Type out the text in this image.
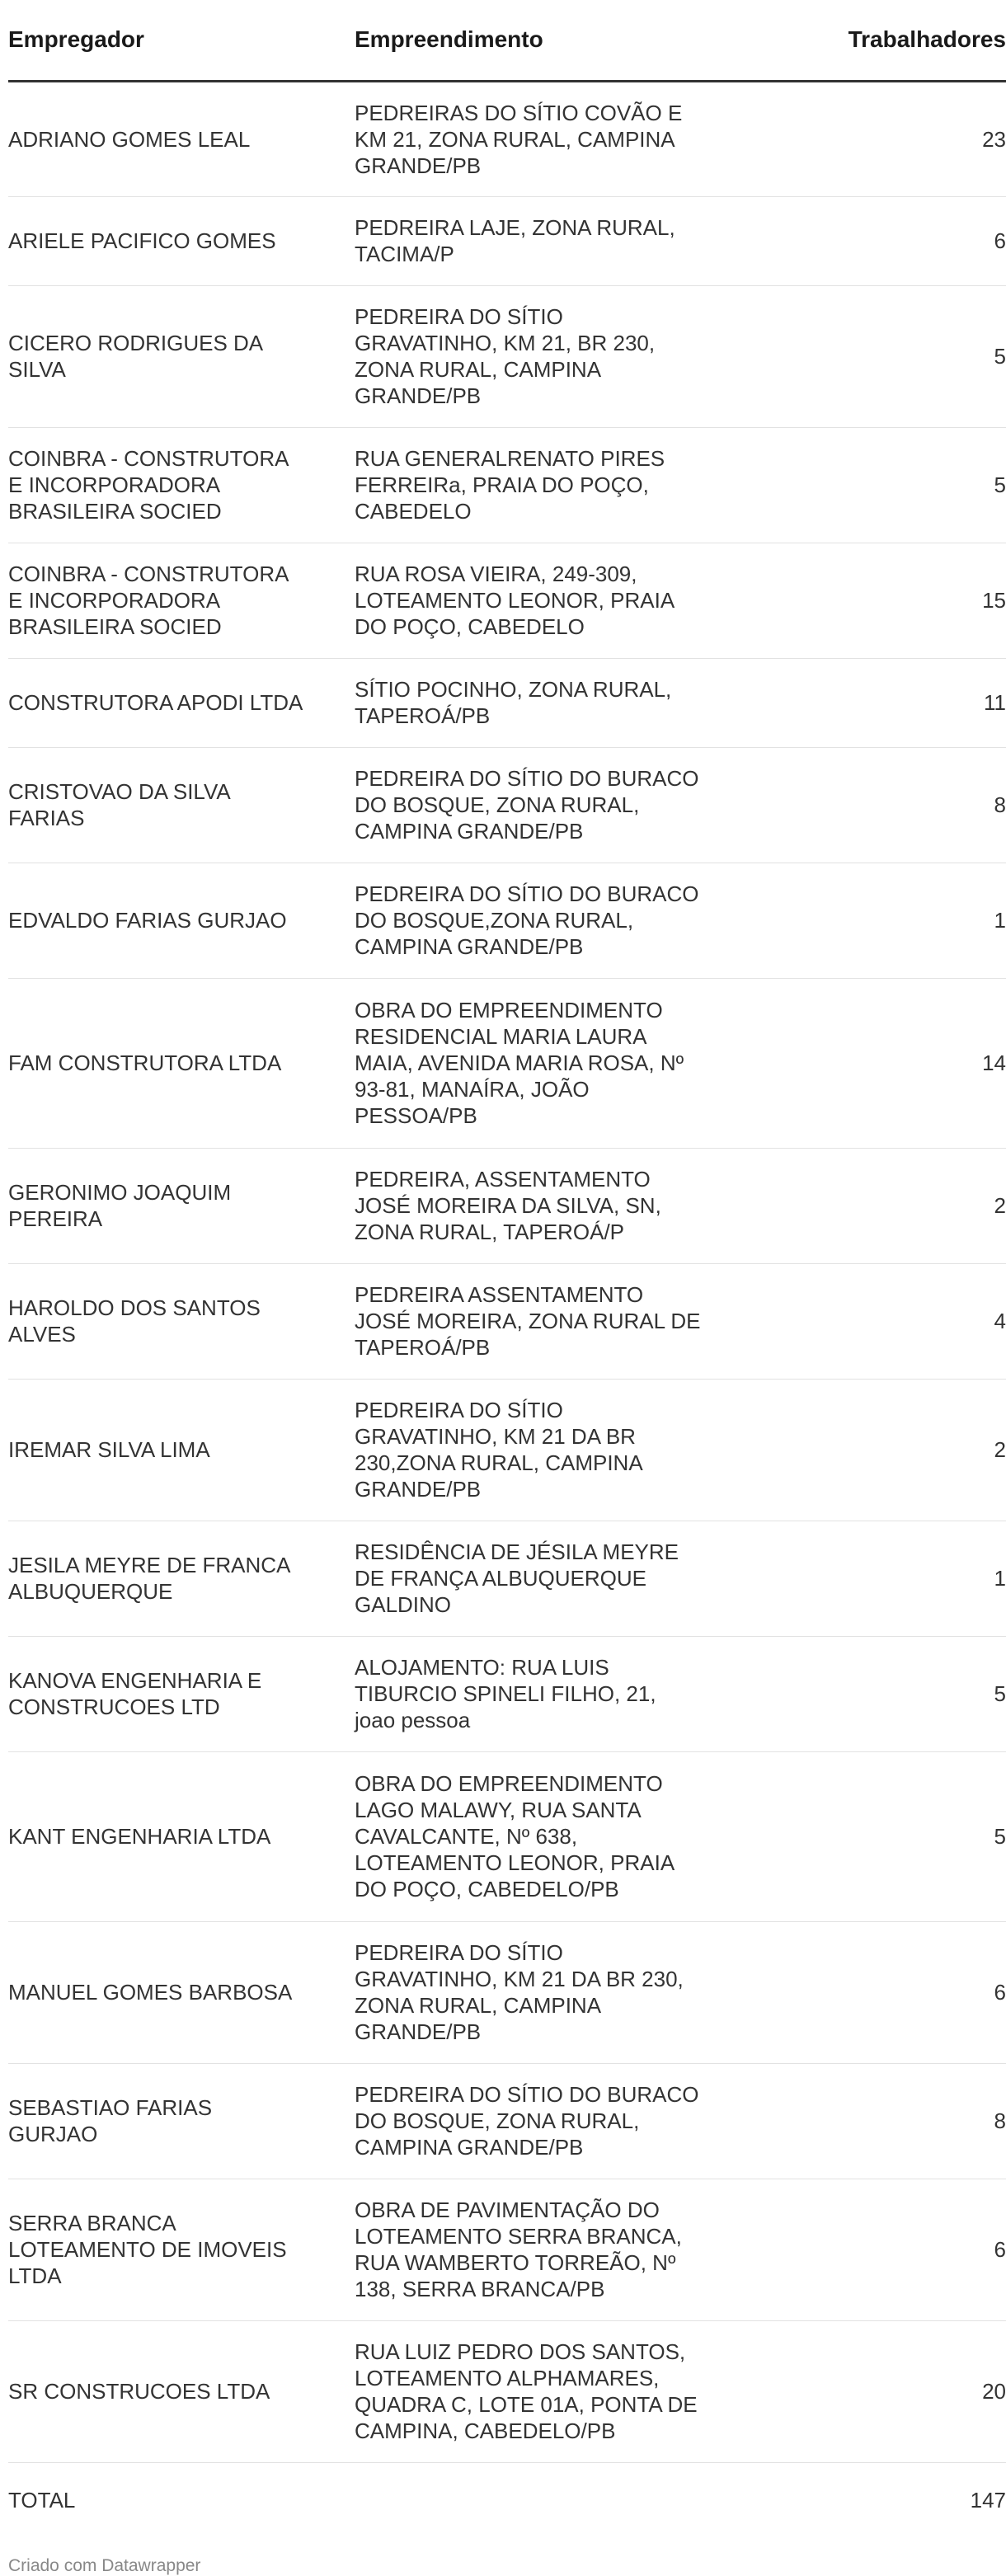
Empregador	Empreendimento	Trabalhadores
ADRIANO GOMES LEAL	PEDREIRAS DO SÍTIO COVÃO E KM 21, ZONA RURAL, CAMPINA GRANDE/PB	23
ARIELE PACIFICO GOMES	PEDREIRA LAJE, ZONA RURAL, TACIMA/P	6
CICERO RODRIGUES DA SILVA	PEDREIRA DO SÍTIO GRAVATINHO, KM 21, BR 230, ZONA RURAL, CAMPINA GRANDE/PB	5
COINBRA - CONSTRUTORA E INCORPORADORA BRASILEIRA SOCIED	RUA GENERALRENATO PIRES FERREIRa, PRAIA DO POÇO, CABEDELO	5
COINBRA - CONSTRUTORA E INCORPORADORA BRASILEIRA SOCIED	RUA ROSA VIEIRA, 249-309, LOTEAMENTO LEONOR, PRAIA DO POÇO, CABEDELO	15
CONSTRUTORA APODI LTDA	SÍTIO POCINHO, ZONA RURAL, TAPEROÁ/PB	11
CRISTOVAO DA SILVA FARIAS	PEDREIRA DO SÍTIO DO BURACO DO BOSQUE, ZONA RURAL, CAMPINA GRANDE/PB	8
EDVALDO FARIAS GURJAO	PEDREIRA DO SÍTIO DO BURACO DO BOSQUE,ZONA RURAL, CAMPINA GRANDE/PB	1
FAM CONSTRUTORA LTDA	OBRA DO EMPREENDIMENTO RESIDENCIAL MARIA LAURA MAIA, AVENIDA MARIA ROSA, Nº 93-81, MANAÍRA, JOÃO PESSOA/PB	14
GERONIMO JOAQUIM PEREIRA	PEDREIRA, ASSENTAMENTO JOSÉ MOREIRA DA SILVA, SN, ZONA RURAL, TAPEROÁ/P	2
HAROLDO DOS SANTOS ALVES	PEDREIRA ASSENTAMENTO JOSÉ MOREIRA, ZONA RURAL DE TAPEROÁ/PB	4
IREMAR SILVA LIMA	PEDREIRA DO SÍTIO GRAVATINHO, KM 21 DA BR 230,ZONA RURAL, CAMPINA GRANDE/PB	2
JESILA MEYRE DE FRANCA ALBUQUERQUE	RESIDÊNCIA DE JÉSILA MEYRE DE FRANÇA ALBUQUERQUE GALDINO	1
KANOVA ENGENHARIA E CONSTRUCOES LTD	ALOJAMENTO: RUA LUIS TIBURCIO SPINELI FILHO, 21, joao pessoa	5
KANT ENGENHARIA LTDA	OBRA DO EMPREENDIMENTO LAGO MALAWY, RUA SANTA CAVALCANTE, Nº 638, LOTEAMENTO LEONOR, PRAIA DO POÇO, CABEDELO/PB	5
MANUEL GOMES BARBOSA	PEDREIRA DO SÍTIO GRAVATINHO, KM 21 DA BR 230, ZONA RURAL, CAMPINA GRANDE/PB	6
SEBASTIAO FARIAS GURJAO	PEDREIRA DO SÍTIO DO BURACO DO BOSQUE, ZONA RURAL, CAMPINA GRANDE/PB	8
SERRA BRANCA LOTEAMENTO DE IMOVEIS LTDA	OBRA DE PAVIMENTAÇÃO DO LOTEAMENTO SERRA BRANCA, RUA WAMBERTO TORREÃO, Nº 138, SERRA BRANCA/PB	6
SR CONSTRUCOES LTDA	RUA LUIZ PEDRO DOS SANTOS, LOTEAMENTO ALPHAMARES, QUADRA C, LOTE 01A, PONTA DE CAMPINA, CABEDELO/PB	20
TOTAL		147
Criado com Datawrapper
